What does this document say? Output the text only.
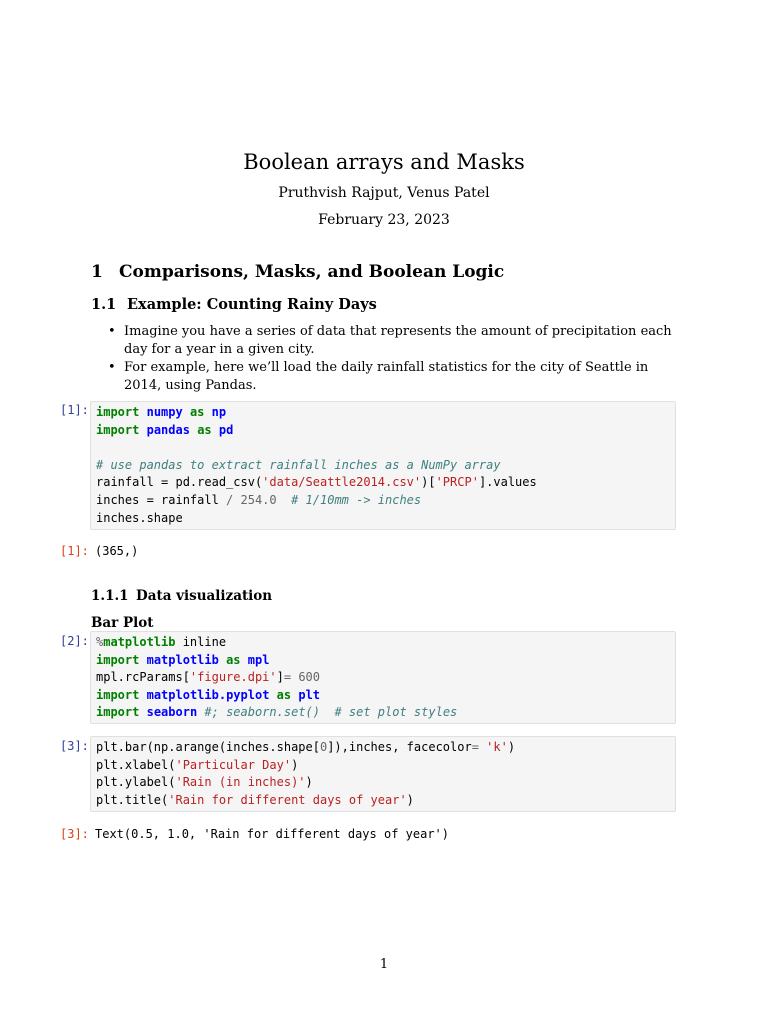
Boolean arrays and Masks
Pruthvish Rajput, Venus Patel
February 23, 2023
1 Comparisons, Masks, and Boolean Logic
1.1 Example: Counting Rainy Days
• Imagine you have a series of data that represents the amount of precipitation each day for a year in a given city.
• For example, here we’ll load the daily rainfall statistics for the city of Seattle in 2014, using Pandas.
[1]: import numpy as np
import pandas as pd

# use pandas to extract rainfall inches as a NumPy array
rainfall = pd.read_csv('data/Seattle2014.csv')['PRCP'].values
inches = rainfall / 254.0  # 1/10mm -> inches
inches.shape
[1]: (365,)
1.1.1 Data visualization
Bar Plot
[2]: %matplotlib inline
import matplotlib as mpl
mpl.rcParams['figure.dpi']= 600
import matplotlib.pyplot as plt
import seaborn #; seaborn.set()  # set plot styles
[3]: plt.bar(np.arange(inches.shape[0]),inches, facecolor= 'k')
plt.xlabel('Particular Day')
plt.ylabel('Rain (in inches)')
plt.title('Rain for different days of year')
[3]: Text(0.5, 1.0, 'Rain for different days of year')
1
